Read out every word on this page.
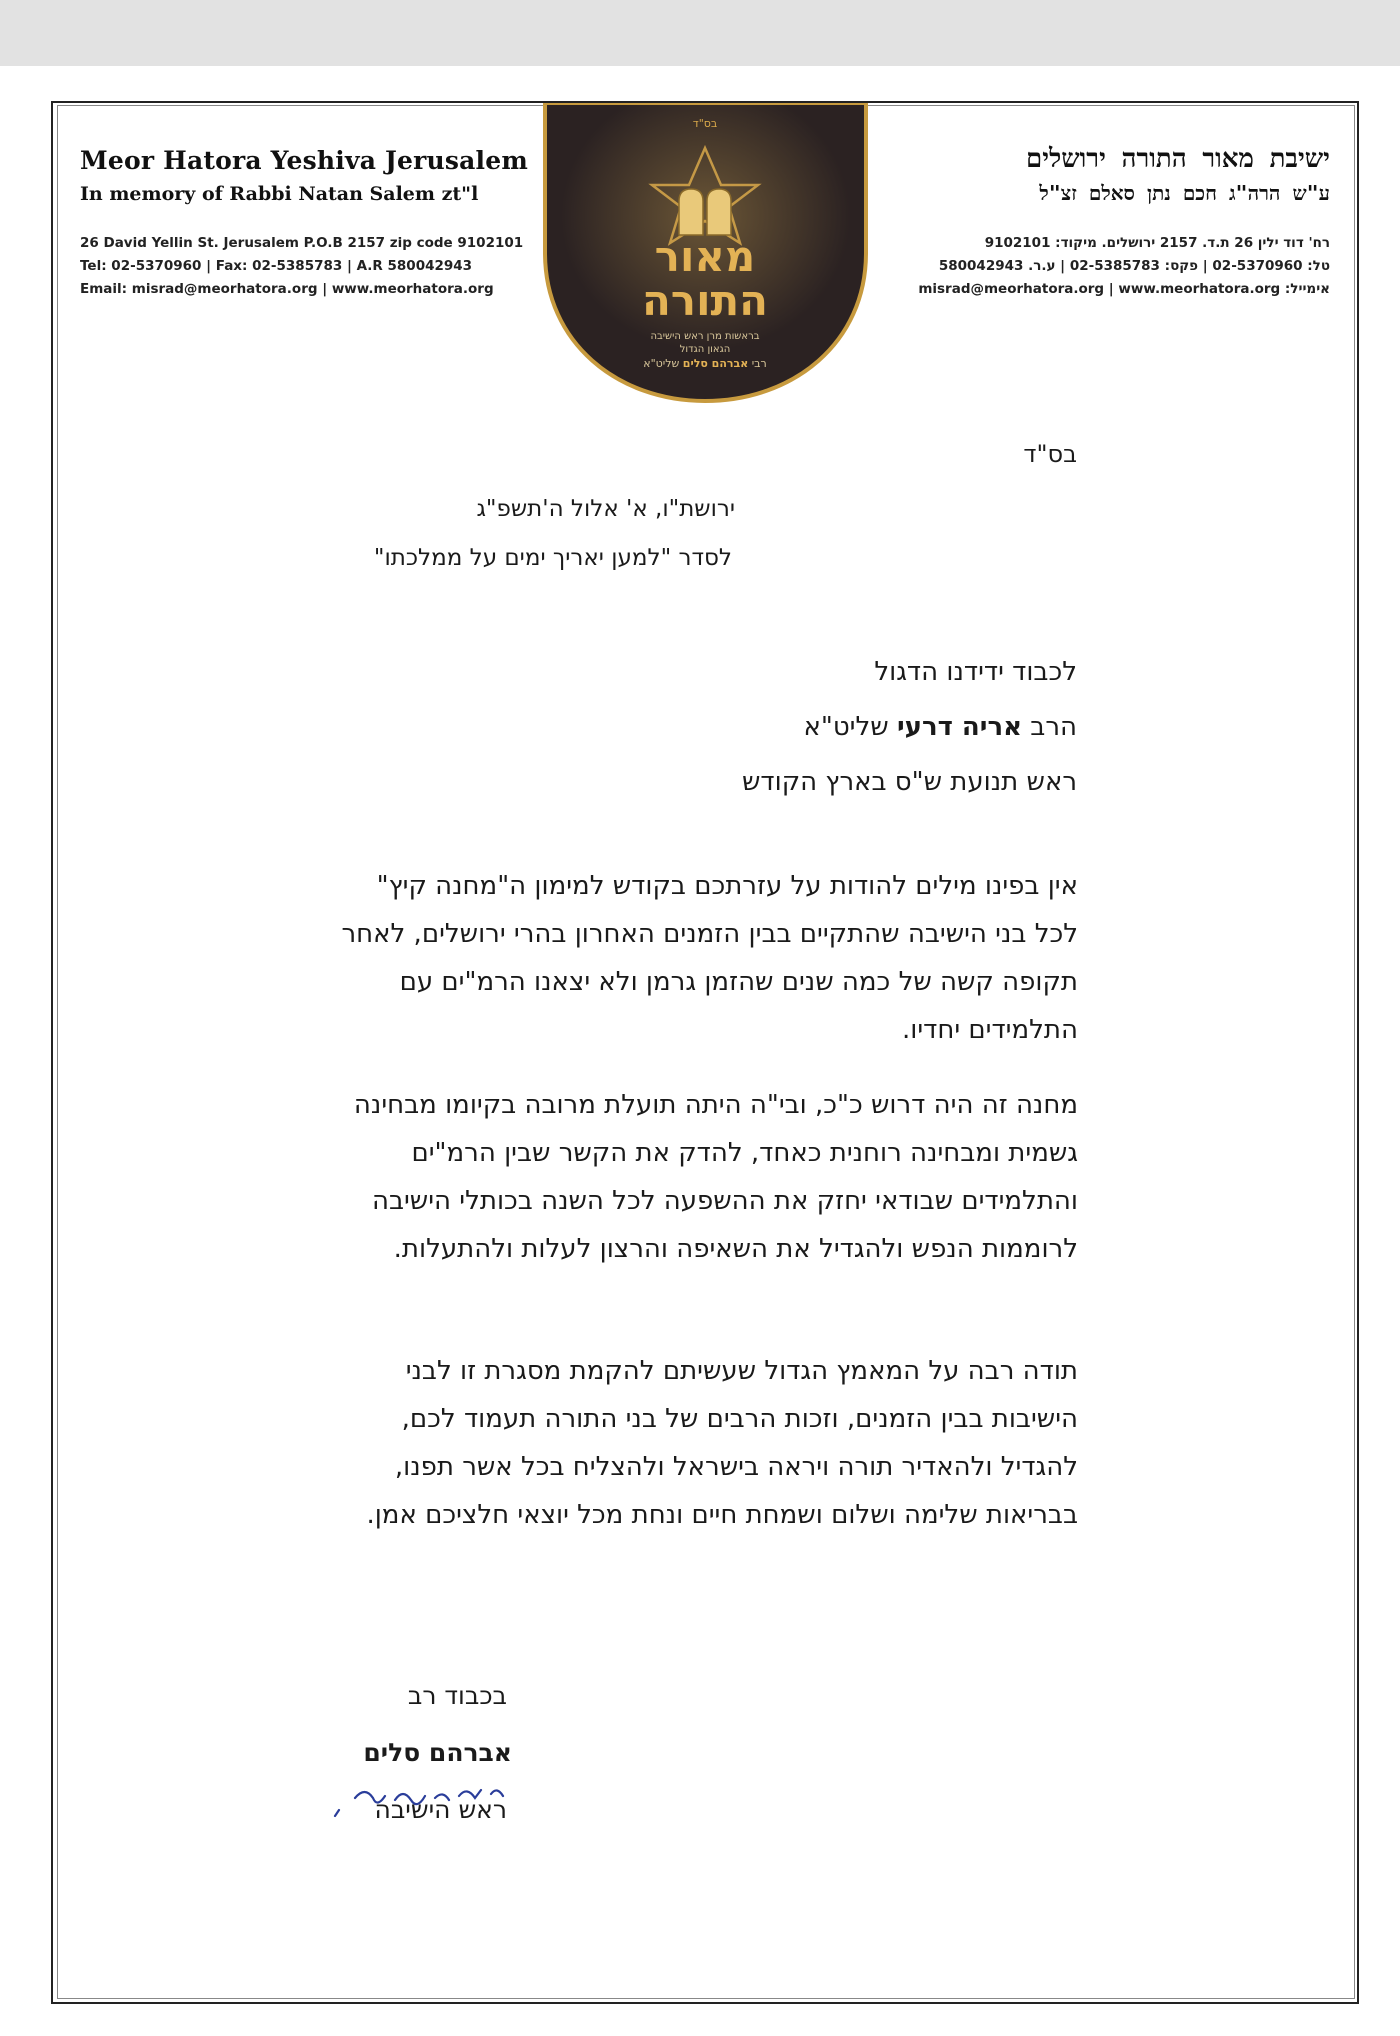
Meor Hatora Yeshiva Jerusalem
In memory of Rabbi Natan Salem zt"l
26 David Yellin St. Jerusalem P.O.B 2157 zip code 9102101
Tel: 02-5370960 | Fax: 02-5385783 | A.R 580042943
Email: misrad@meorhatora.org | www.meorhatora.org
ישיבת מאור התורה ירושלים
ע"ש הרה"ג חכם נתן סאלם זצ"ל
רח' דוד ילין 26 ת.ד. 2157 ירושלים. מיקוד: 9102101
טל: 02-5370960 | פקס: 02-5385783 | ע.ר. 580042943
אימייל: misrad@meorhatora.org | www.meorhatora.org
בס"ד
מאור
התורה
בראשות מרן ראש הישיבה
הגאון הגדול
רבי אברהם סלים שליט"א
בס"ד
ירושת"ו, א' אלול ה'תשפ"ג
לסדר "למען יאריך ימים על ממלכתו"
לכבוד ידידנו הדגול
הרב אריה דרעי שליט"א
ראש תנועת ש"ס בארץ הקודש
אין בפינו מילים להודות על עזרתכם בקודש למימון ה"מחנה קיץ" לכל בני הישיבה שהתקיים בבין הזמנים האחרון בהרי ירושלים, לאחר תקופה קשה של כמה שנים שהזמן גרמן ולא יצאנו הרמ"ים עם התלמידים יחדיו.
מחנה זה היה דרוש כ"כ, ובי"ה היתה תועלת מרובה בקיומו מבחינה גשמית ומבחינה רוחנית כאחד, להדק את הקשר שבין הרמ"ים והתלמידים שבודאי יחזק את ההשפעה לכל השנה בכותלי הישיבה לרוממות הנפש ולהגדיל את השאיפה והרצון לעלות ולהתעלות.
תודה רבה על המאמץ הגדול שעשיתם להקמת מסגרת זו לבני הישיבות בבין הזמנים, וזכות הרבים של בני התורה תעמוד לכם, להגדיל ולהאדיר תורה ויראה בישראל ולהצליח בכל אשר תפנו, בבריאות שלימה ושלום ושמחת חיים ונחת מכל יוצאי חלציכם אמן.
בכבוד רב
אברהם סלים
ראש הישיבה
